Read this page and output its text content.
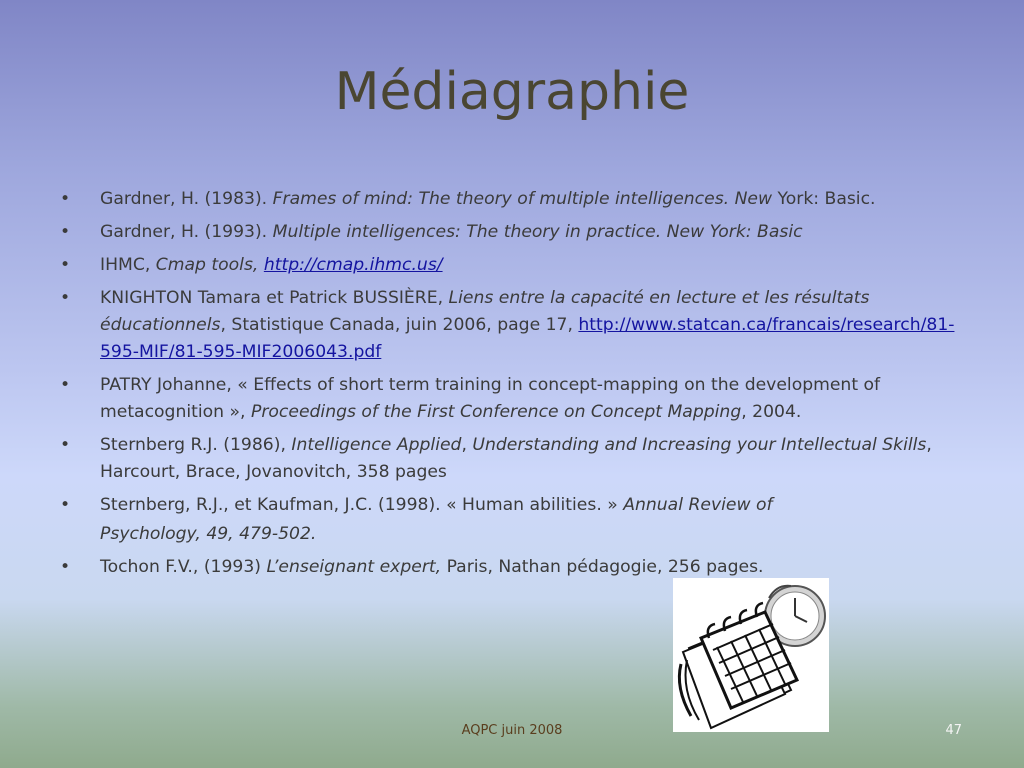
Médiagraphie
• Gardner, H. (1983). Frames of mind: The theory of multiple intelligences. New York: Basic.
• Gardner, H. (1993). Multiple intelligences: The theory in practice. New York: Basic
• IHMC, Cmap tools, http://cmap.ihmc.us/
• KNIGHTON Tamara et Patrick BUSSIÈRE, Liens entre la capacité en lecture et les résultats éducationnels, Statistique Canada, juin 2006, page 17, http://www.statcan.ca/francais/research/81-595-MIF/81-595-MIF2006043.pdf
• PATRY Johanne, « Effects of short term training in concept-mapping on the development of metacognition », Proceedings of the First Conference on Concept Mapping, 2004.
• Sternberg R.J. (1986), Intelligence Applied, Understanding and Increasing your Intellectual Skills, Harcourt, Brace, Jovanovitch, 358 pages
• Sternberg, R.J., et Kaufman, J.C. (1998). « Human abilities. » Annual Review of
Psychology, 49, 479-502.
• Tochon F.V., (1993) L’enseignant expert, Paris, Nathan pédagogie, 256 pages.
AQPC juin 2008	47
